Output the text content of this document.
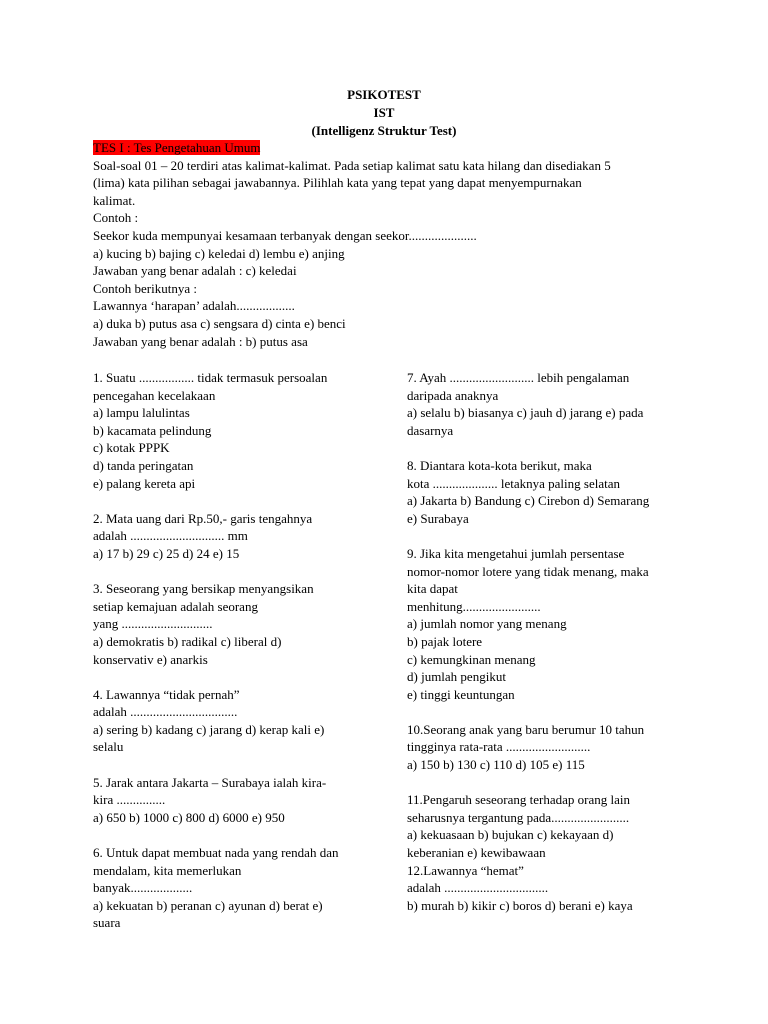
PSIKOTEST
IST
(Intelligenz Struktur Test)
TES I : Tes Pengetahuan Umum
Soal-soal 01 – 20 terdiri atas kalimat-kalimat. Pada setiap kalimat satu kata hilang dan disediakan 5
(lima) kata pilihan sebagai jawabannya. Pilihlah kata yang tepat yang dapat menyempurnakan
kalimat.
Contoh :
Seekor kuda mempunyai kesamaan terbanyak dengan seekor.....................
a) kucing b) bajing c) keledai d) lembu e) anjing
Jawaban yang benar adalah : c) keledai
Contoh berikutnya :
Lawannya ‘harapan’ adalah..................
a) duka b) putus asa c) sengsara d) cinta e) benci
Jawaban yang benar adalah : b) putus asa
1. Suatu ................. tidak termasuk persoalan
pencegahan kecelakaan
a) lampu lalulintas
b) kacamata pelindung
c) kotak PPPK
d) tanda peringatan
e) palang kereta api
2. Mata uang dari Rp.50,- garis tengahnya
adalah ............................. mm
a) 17 b) 29 c) 25 d) 24 e) 15
3. Seseorang yang bersikap menyangsikan
setiap kemajuan adalah seorang
yang ............................
a) demokratis b) radikal c) liberal d)
konservativ e) anarkis
4. Lawannya “tidak pernah”
adalah .................................
a) sering b) kadang c) jarang d) kerap kali e)
selalu
5. Jarak antara Jakarta – Surabaya ialah kira-
kira ...............
a) 650 b) 1000 c) 800 d) 6000 e) 950
6. Untuk dapat membuat nada yang rendah dan
mendalam, kita memerlukan
banyak...................
a) kekuatan b) peranan c) ayunan d) berat e)
suara
7. Ayah .......................... lebih pengalaman
daripada anaknya
a) selalu b) biasanya c) jauh d) jarang e) pada
dasarnya
8. Diantara kota-kota berikut, maka
kota .................... letaknya paling selatan
a) Jakarta b) Bandung c) Cirebon d) Semarang
e) Surabaya
9. Jika kita mengetahui jumlah persentase
nomor-nomor lotere yang tidak menang, maka
kita dapat
menhitung........................
a) jumlah nomor yang menang
b) pajak lotere
c) kemungkinan menang
d) jumlah pengikut
e) tinggi keuntungan
10.Seorang anak yang baru berumur 10 tahun
tingginya rata-rata ..........................
a) 150 b) 130 c) 110 d) 105 e) 115
11.Pengaruh seseorang terhadap orang lain
seharusnya tergantung pada........................
a) kekuasaan b) bujukan c) kekayaan d)
keberanian e) kewibawaan
12.Lawannya “hemat”
adalah ................................
b) murah b) kikir c) boros d) berani e) kaya
